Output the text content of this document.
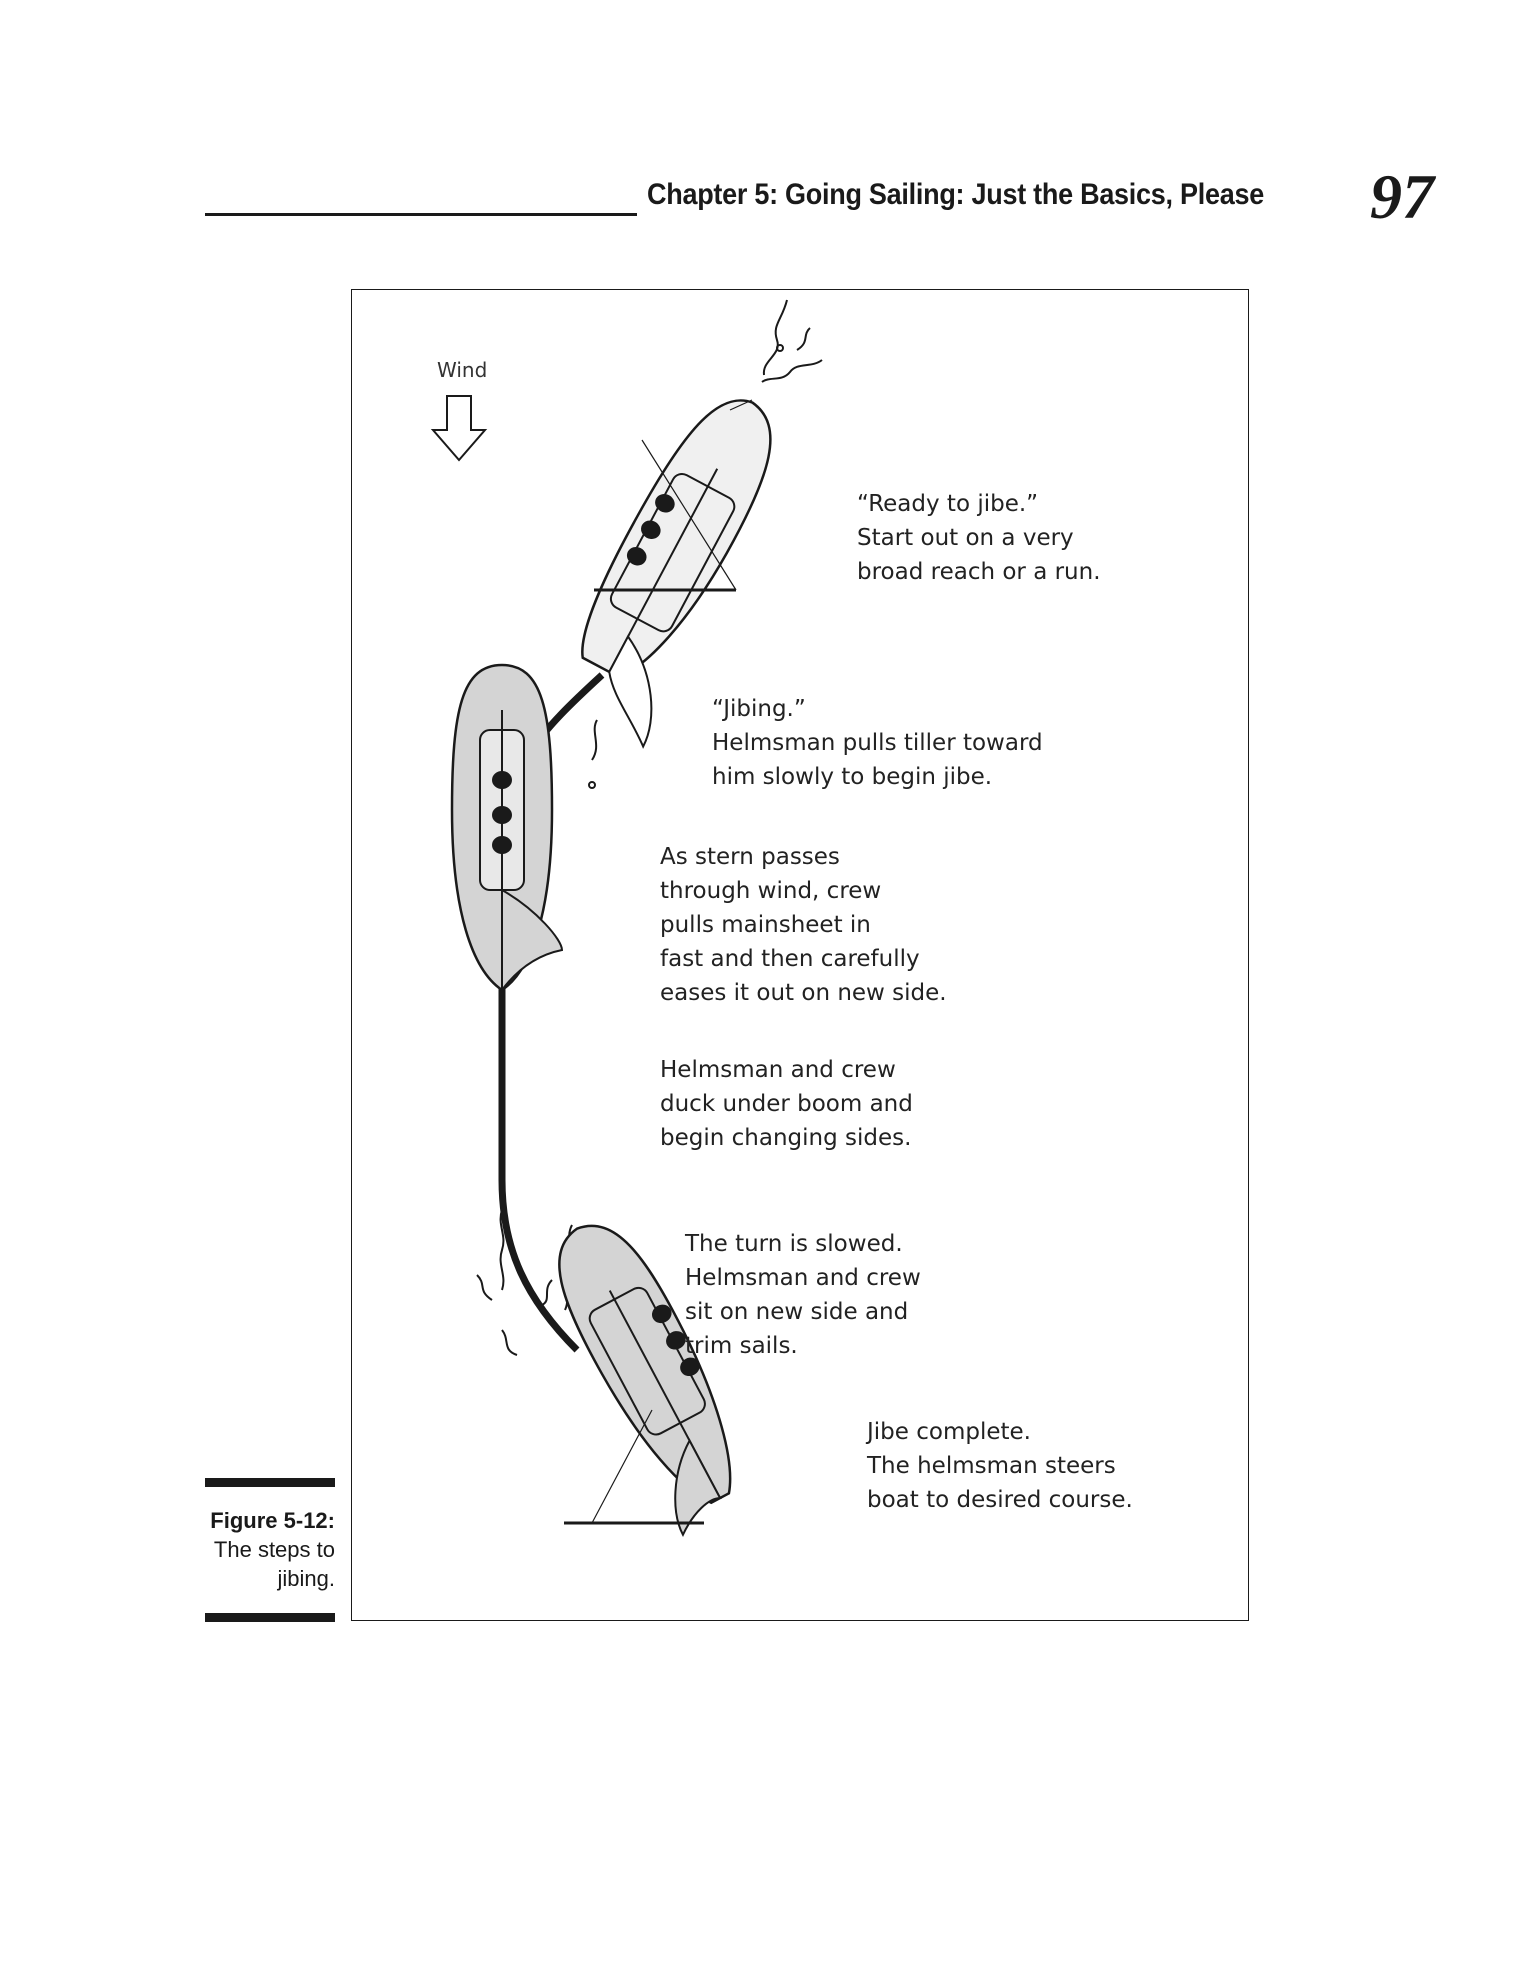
Chapter 5: Going Sailing: Just the Basics, Please 97
Wind
“Ready to jibe.”
Start out on a very
broad reach or a run.
“Jibing.”
Helmsman pulls tiller toward
him slowly to begin jibe.
As stern passes
through wind, crew
pulls mainsheet in
fast and then carefully
eases it out on new side.
Helmsman and crew
duck under boom and
begin changing sides.
The turn is slowed.
Helmsman and crew
sit on new side and
trim sails.
Jibe complete.
The helmsman steers
boat to desired course.
Figure 5-12:
The steps to
jibing.
